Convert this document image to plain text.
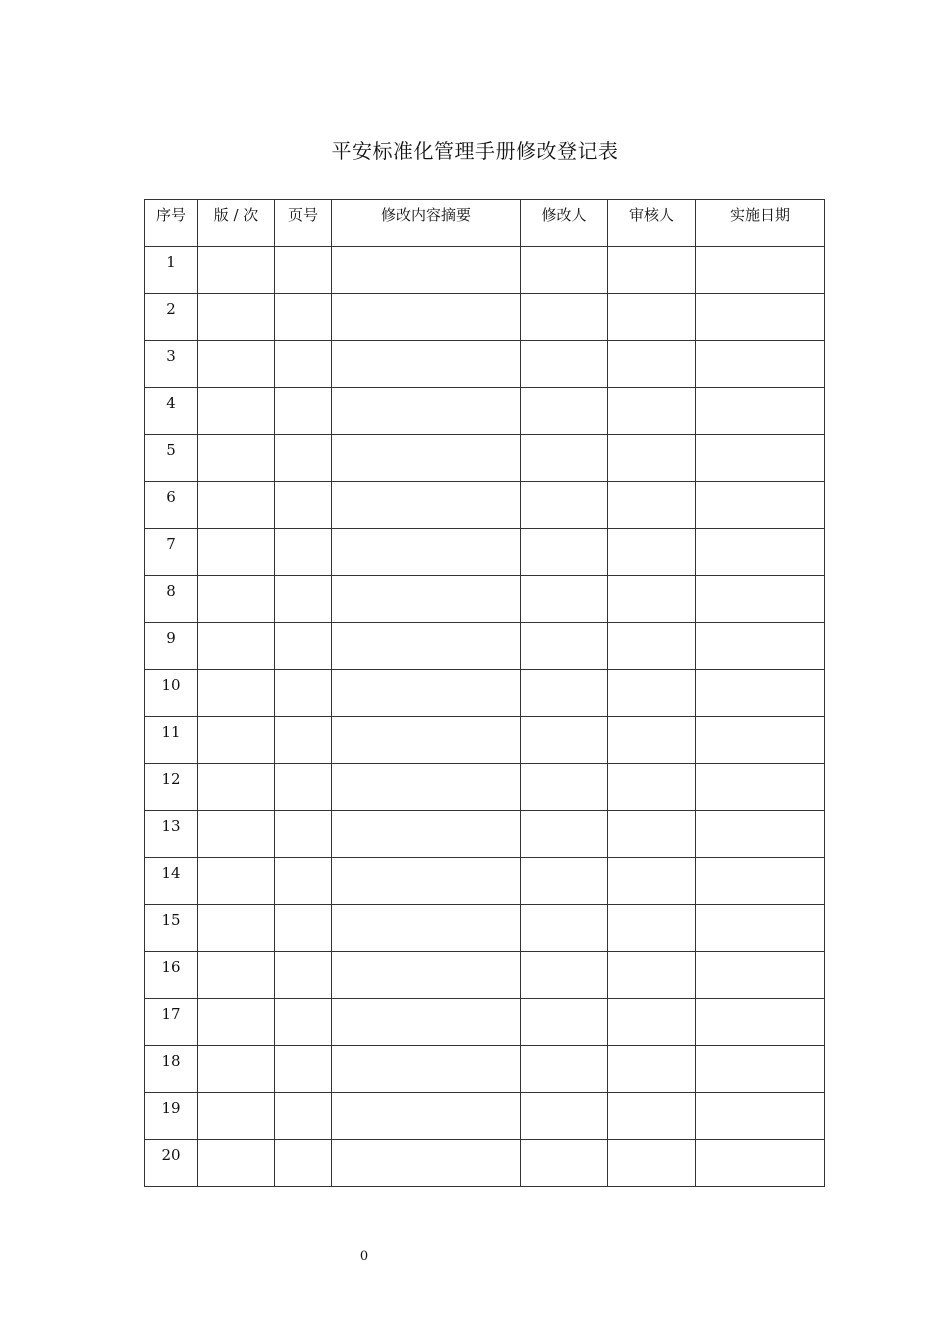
平安标准化管理手册修改登记表
序号	版 / 次	页号	修改内容摘要	修改人	审核人	实施日期
1						
2						
3						
4						
5						
6						
7						
8						
9						
10						
11						
12						
13						
14						
15						
16						
17						
18						
19						
20						
0
